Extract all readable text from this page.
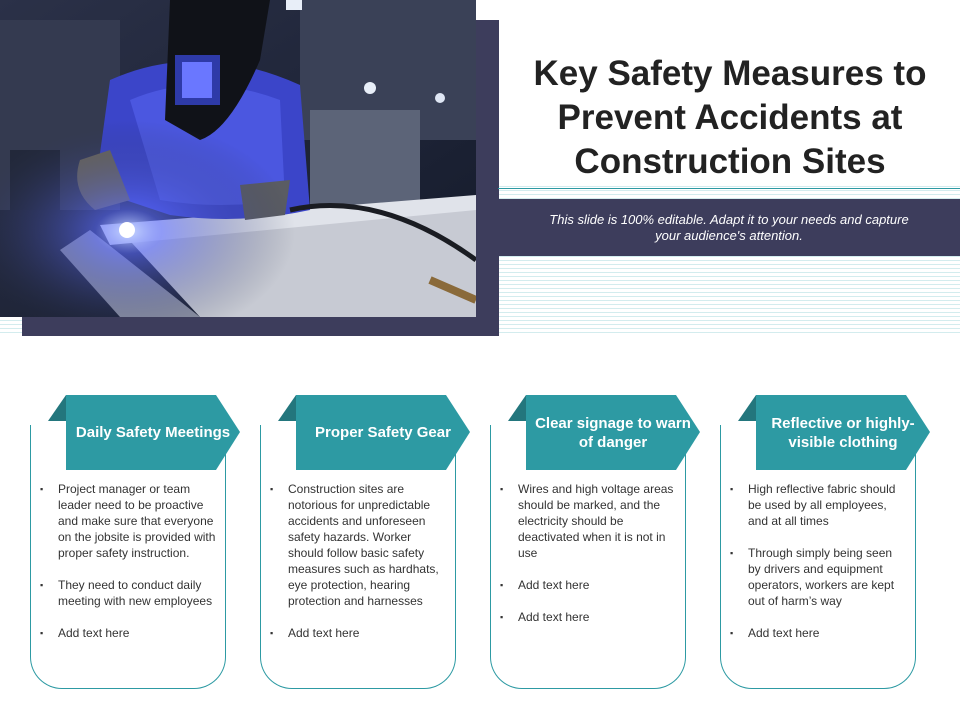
Key Safety Measures to Prevent Accidents at Construction Sites
This slide is 100% editable. Adapt it to your needs and capture your audience's attention.
Daily Safety Meetings
▪ Project manager or team leader need to be proactive and make sure that everyone on the jobsite is provided with proper safety instruction.
▪ They need to conduct daily meeting with new employees
▪ Add text here
Proper Safety Gear
▪ Construction sites are notorious for unpredictable accidents and unforeseen safety hazards. Worker should follow basic safety measures such as hardhats, eye protection, hearing protection and harnesses
▪ Add text here
Clear signage to warn of danger
▪ Wires and high voltage areas should be marked, and the electricity should be deactivated when it is not in use
▪ Add text here
▪ Add text here
Reflective or highly-visible clothing
▪ High reflective fabric should be used by all employees, and at all times
▪ Through simply being seen by drivers and equipment operators, workers are kept out of harm’s way
▪ Add text here
